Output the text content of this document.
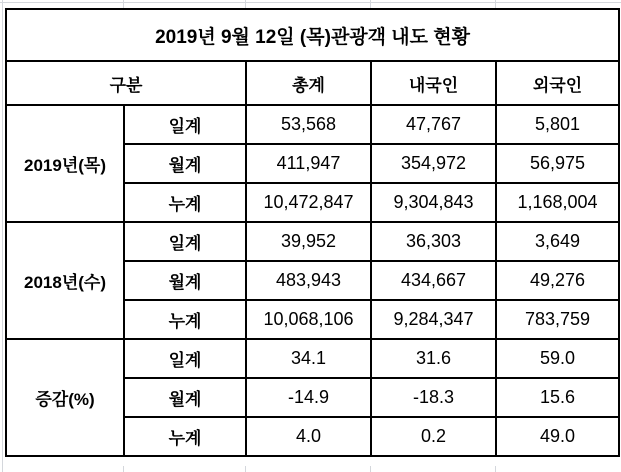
2019년 9월 12일 (목)관광객 내도 현황				
구분		총계	내국인	외국인
2019년(목)	일계	53,568	47,767	5,801
	월계	411,947	354,972	56,975
	누계	10,472,847	9,304,843	1,168,004
2018년(수)	일계	39,952	36,303	3,649
	월계	483,943	434,667	49,276
	누계	10,068,106	9,284,347	783,759
증감(%)	일계	34.1	31.6	59.0
	월계	-14.9	-18.3	15.6
	누계	4.0	0.2	49.0
